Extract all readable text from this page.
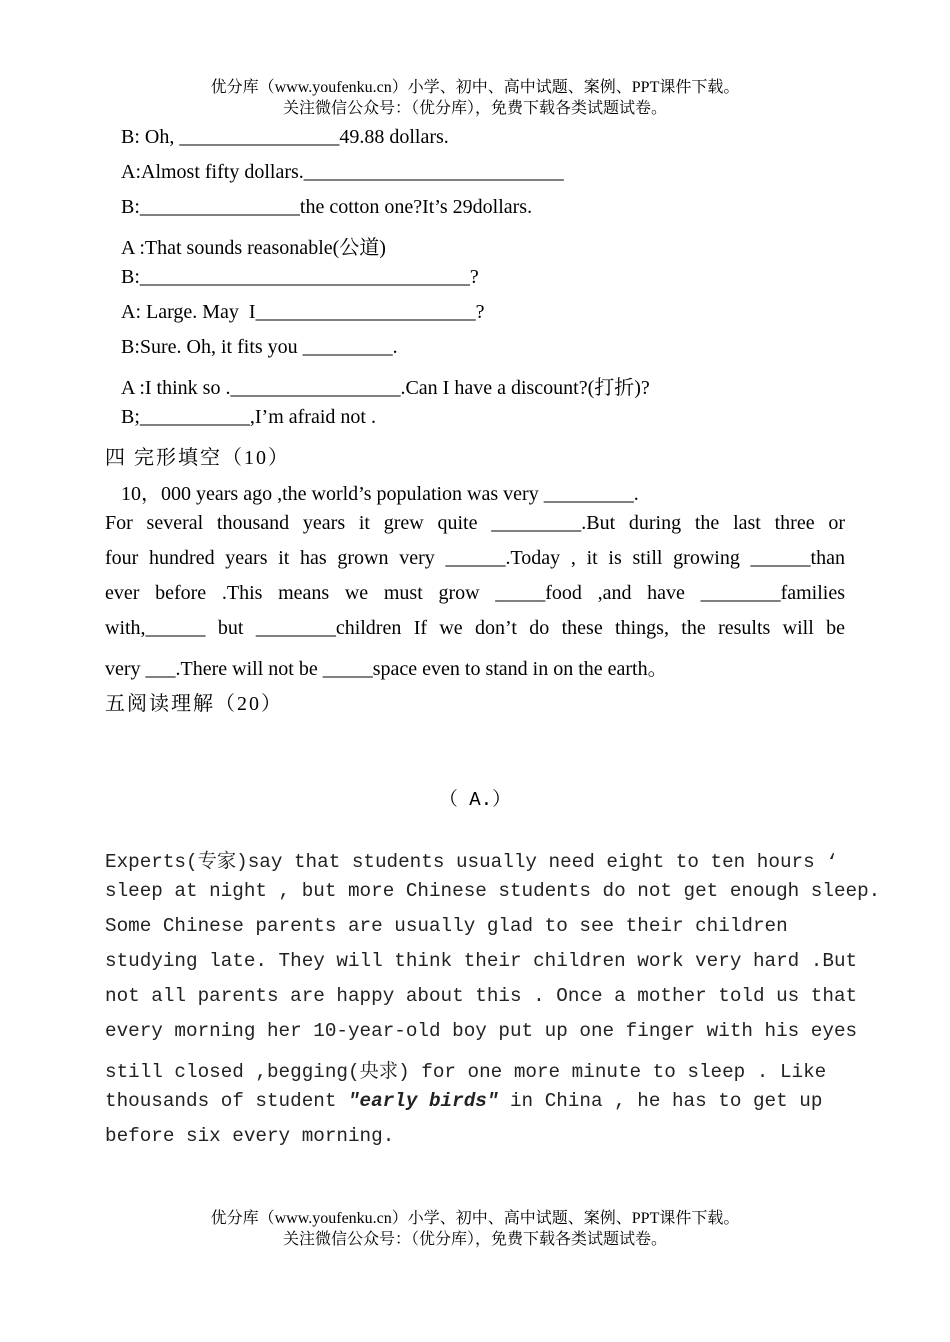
优分库（www.youfenku.cn）小学、初中、高中试题、案例、PPT课件下载。
关注微信公众号：（优分库），免费下载各类试题试卷。
B: Oh, ________________49.88 dollars.
A:Almost fifty dollars.__________________________
B:________________the cotton one?It’s 29dollars.
A :That sounds reasonable(公道)
B:_________________________________?
A: Large. May  I______________________?
B:Sure. Oh, it fits you _________.
A :I think so ._________________.Can I have a discount?(打折)?
B;___________,I’m afraid not .
四 完形填空（10）
10，000 years ago ,the world’s population was very _________.
For several thousand years it grew quite _________.But during the last three or
four hundred years it has grown very ______.Today , it is still growing ______than
ever before .This means we must grow _____food ,and have ________families
with,______ but ________children If we don’t do these things, the results will be
very ___.There will not be _____space even to stand in on the earth。
五阅读理解（20）
（ A.）
Experts(专家)say that students usually need eight to ten hours ‘
sleep at night , but more Chinese students do not get enough sleep.
Some Chinese parents are usually glad to see their children
studying late. They will think their children work very hard .But
not all parents are happy about this . Once a mother told us that
every morning her 10-year-old boy put up one finger with his eyes
still closed ,begging(央求) for one more minute to sleep . Like
thousands of student "early birds" in China , he has to get up
before six every morning.
优分库（www.youfenku.cn）小学、初中、高中试题、案例、PPT课件下载。
关注微信公众号：（优分库），免费下载各类试题试卷。
